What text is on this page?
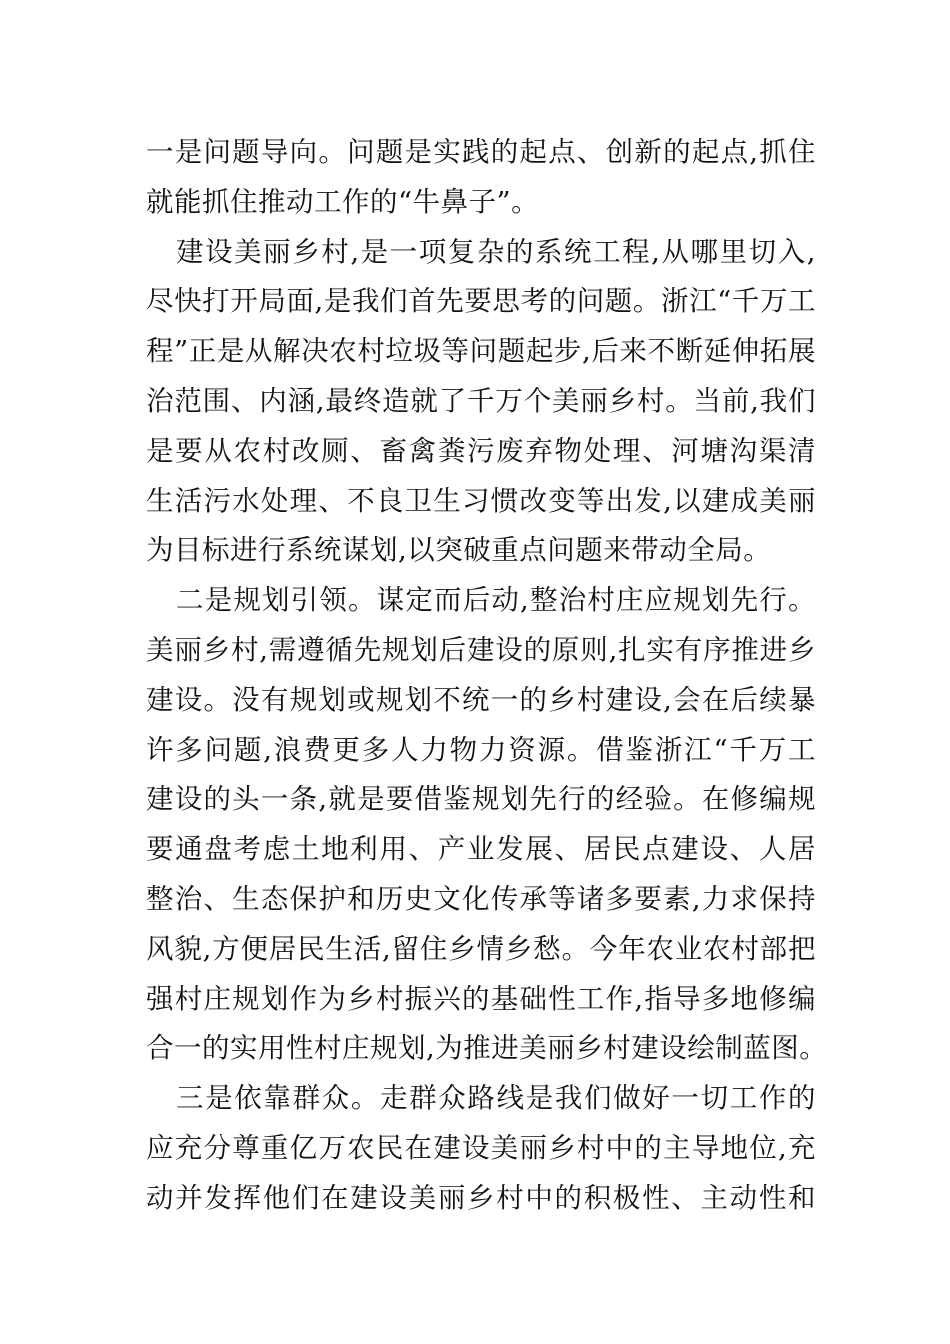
一是问题导向。问题是实践的起点、创新的起点,抓住
就能抓住推动工作的“牛鼻子”。
建设美丽乡村,是一项复杂的系统工程,从哪里切入,
尽快打开局面,是我们首先要思考的问题。浙江“千万工
程”正是从解决农村垃圾等问题起步,后来不断延伸拓展
治范围、内涵,最终造就了千万个美丽乡村。当前,我们
是要从农村改厕、畜禽粪污废弃物处理、河塘沟渠清
生活污水处理、不良卫生习惯改变等出发,以建成美丽
为目标进行系统谋划,以突破重点问题来带动全局。
二是规划引领。谋定而后动,整治村庄应规划先行。
美丽乡村,需遵循先规划后建设的原则,扎实有序推进乡
建设。没有规划或规划不统一的乡村建设,会在后续暴
许多问题,浪费更多人力物力资源。借鉴浙江“千万工
建设的头一条,就是要借鉴规划先行的经验。在修编规
要通盘考虑土地利用、产业发展、居民点建设、人居
整治、生态保护和历史文化传承等诸多要素,力求保持
风貌,方便居民生活,留住乡情乡愁。今年农业农村部把
强村庄规划作为乡村振兴的基础性工作,指导多地修编
合一的实用性村庄规划,为推进美丽乡村建设绘制蓝图。
三是依靠群众。走群众路线是我们做好一切工作的
应充分尊重亿万农民在建设美丽乡村中的主导地位,充
动并发挥他们在建设美丽乡村中的积极性、主动性和
